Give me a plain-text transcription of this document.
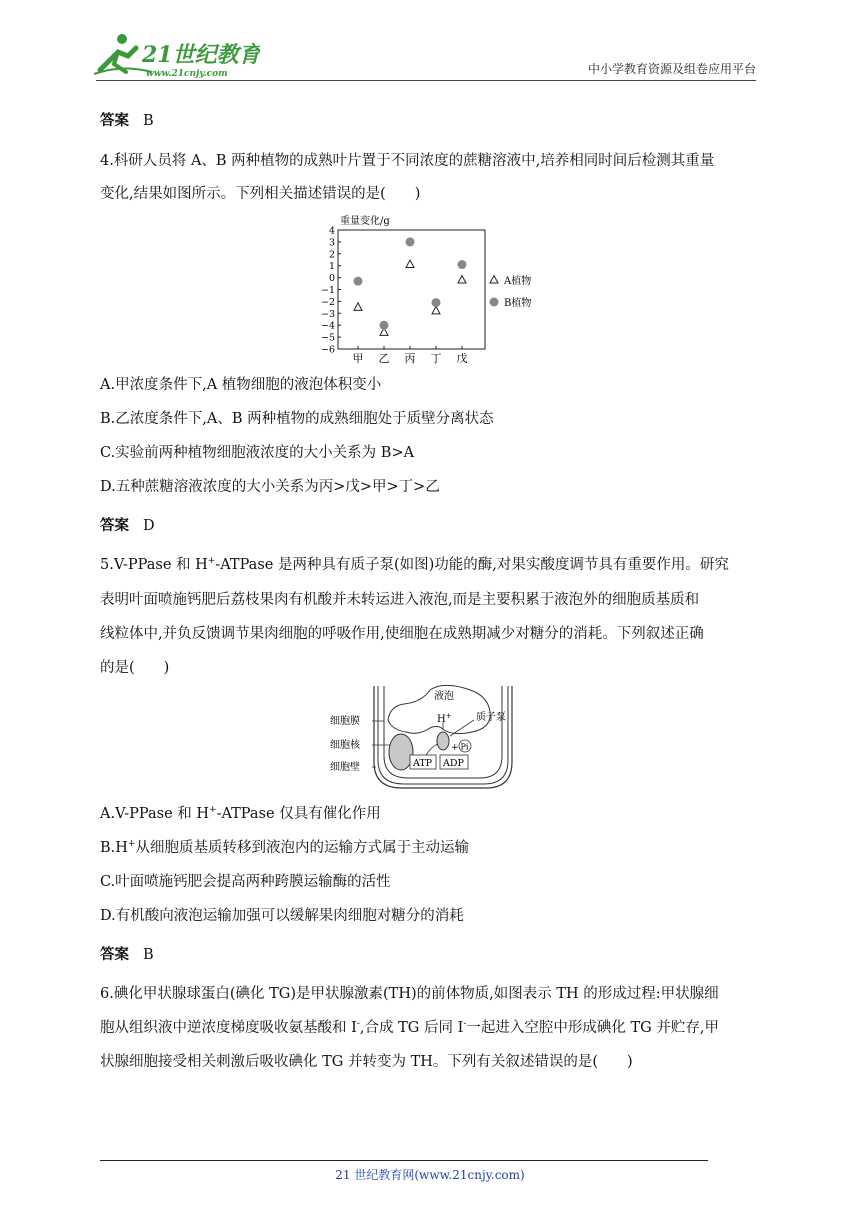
21世纪教育
www.21cnjy.com	中小学教育资源及组卷应用平台
答案 B
4.科研人员将 A、B 两种植物的成熟叶片置于不同浓度的蔗糖溶液中,培养相同时间后检测其重量
变化,结果如图所示。下列相关描述错误的是(　　)
重量变化/g
4
3
2
1
0
−1
−2
−3
−4
−5
−6
甲 乙 丙 丁 戊
A植物
B植物
A.甲浓度条件下,A 植物细胞的液泡体积变小
B.乙浓度条件下,A、B 两种植物的成熟细胞处于质壁分离状态
C.实验前两种植物细胞液浓度的大小关系为 B>A
D.五种蔗糖溶液浓度的大小关系为丙>戊>甲>丁>乙
答案 D
5.V-PPase 和 H+-ATPase 是两种具有质子泵(如图)功能的酶,对果实酸度调节具有重要作用。研究
表明叶面喷施钙肥后荔枝果肉有机酸并未转运进入液泡,而是主要积累于液泡外的细胞质基质和
线粒体中,并负反馈调节果肉细胞的呼吸作用,使细胞在成熟期减少对糖分的消耗。下列叙述正确
的是(　　)
H+ 质子泵
液泡
ATP ADP
+ Pi
细胞膜
细胞核
细胞壁
A.V-PPase 和 H+-ATPase 仅具有催化作用
B.H+从细胞质基质转移到液泡内的运输方式属于主动运输
C.叶面喷施钙肥会提高两种跨膜运输酶的活性
D.有机酸向液泡运输加强可以缓解果肉细胞对糖分的消耗
答案 B
6.碘化甲状腺球蛋白(碘化 TG)是甲状腺激素(TH)的前体物质,如图表示 TH 的形成过程:甲状腺细
胞从组织液中逆浓度梯度吸收氨基酸和 I-,合成 TG 后同 I-一起进入空腔中形成碘化 TG 并贮存,甲
状腺细胞接受相关刺激后吸收碘化 TG 并转变为 TH。下列有关叙述错误的是(　　)
21 世纪教育网(www.21cnjy.com)
